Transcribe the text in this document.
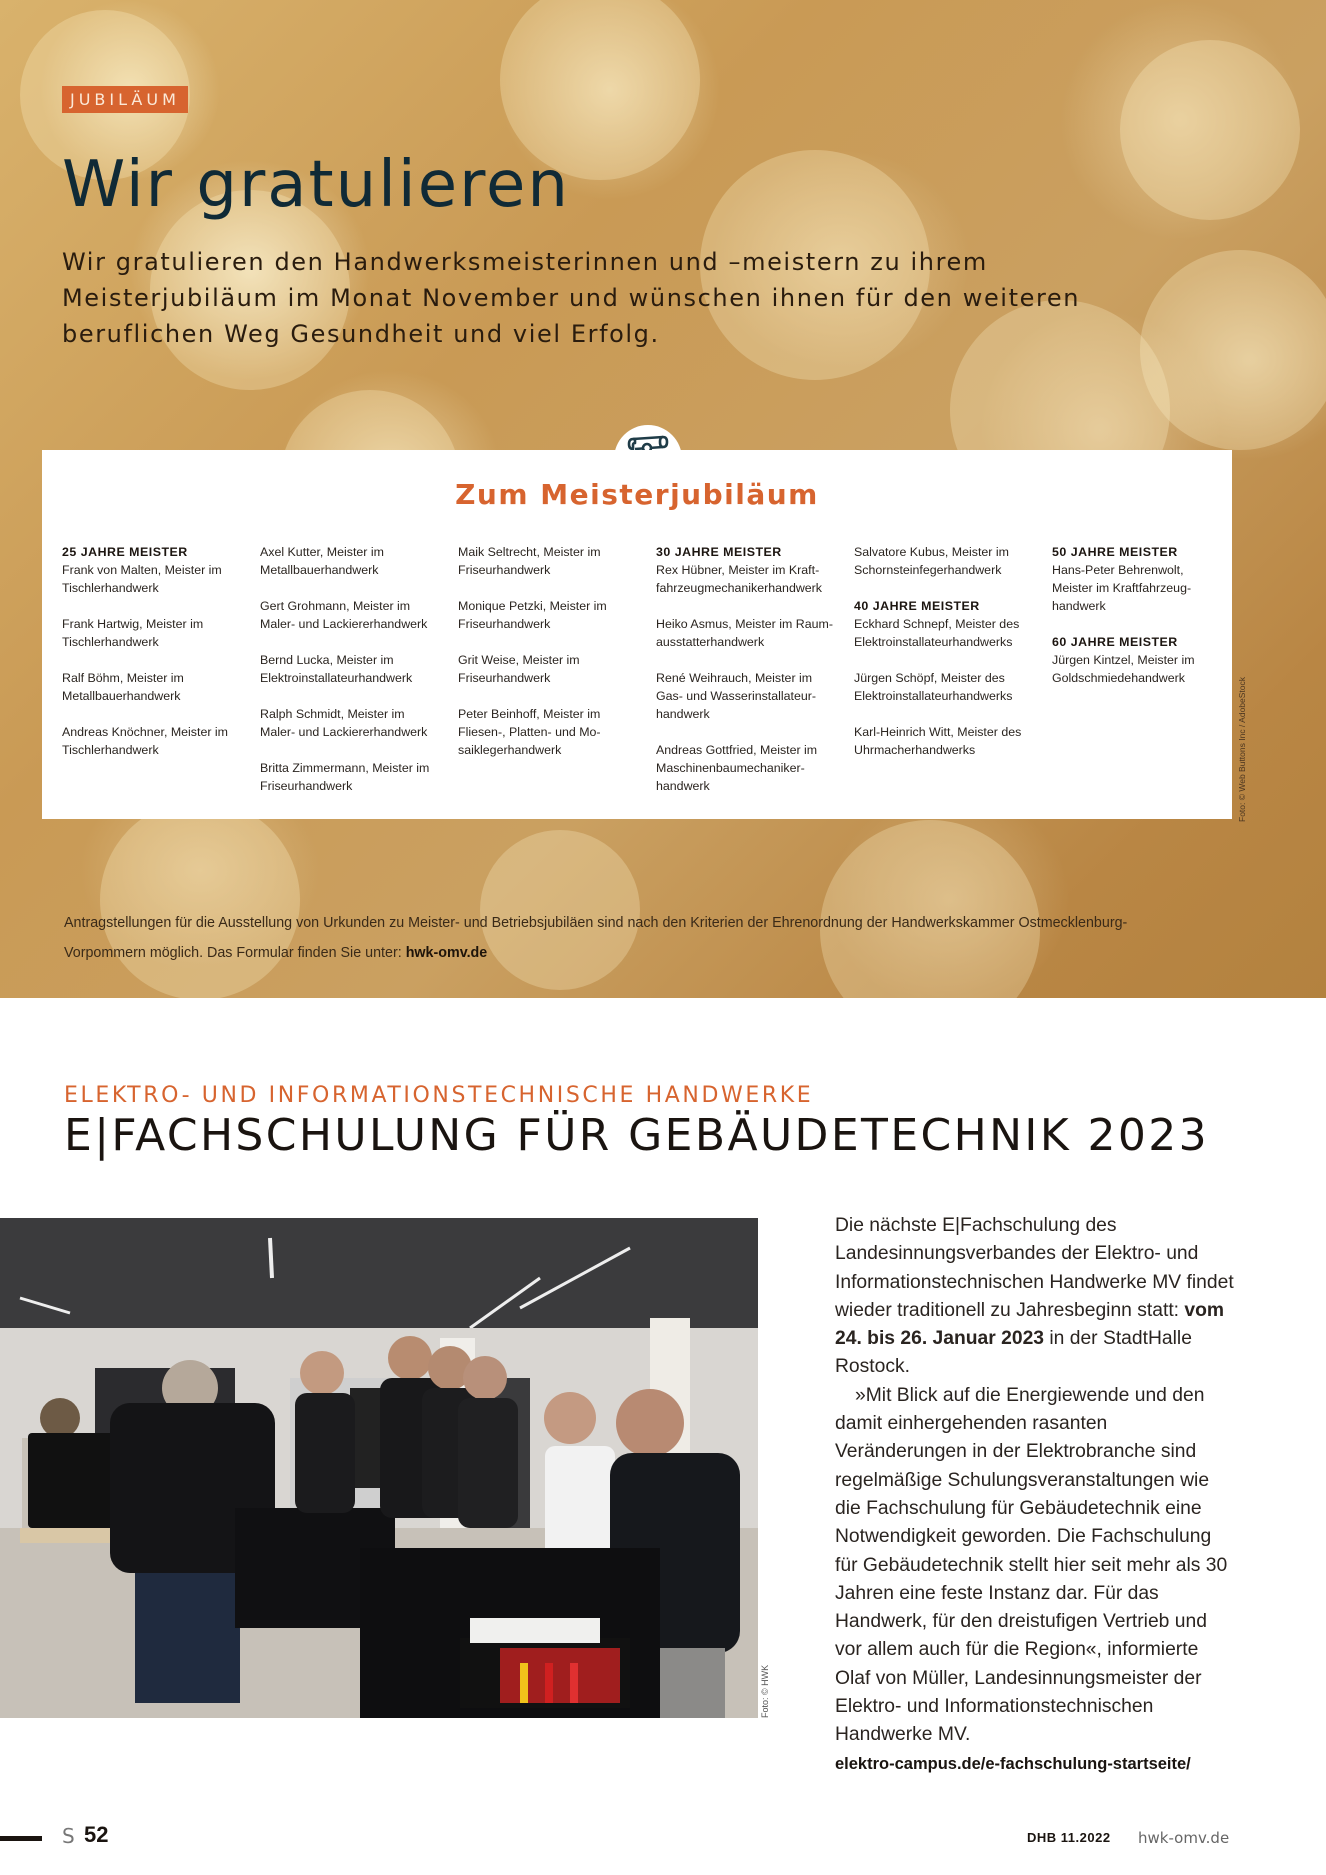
JUBILÄUM
Wir gratulieren

Wir gratulieren den Handwerksmeisterinnen und –meistern zu ihrem Meisterjubiläum im Monat November und wünschen ihnen für den weiteren beruflichen Weg Gesundheit und viel Erfolg.

Zum Meisterjubiläum
25 JAHRE MEISTER
Frank von Malten, Meister im
Tischlerhandwerk
Frank Hartwig, Meister im
Tischlerhandwerk
Ralf Böhm, Meister im
Metallbauerhandwerk
Andreas Knöchner, Meister im
Tischlerhandwerk
Axel Kutter, Meister im
Metallbauerhandwerk
Gert Grohmann, Meister im
Maler- und Lackiererhandwerk
Bernd Lucka, Meister im
Elektroinstallateurhandwerk
Ralph Schmidt, Meister im
Maler- und Lackiererhandwerk
Britta Zimmermann, Meister im
Friseurhandwerk
Maik Seltrecht, Meister im
Friseurhandwerk
Monique Petzki, Meister im
Friseurhandwerk
Grit Weise, Meister im
Friseurhandwerk
Peter Beinhoff, Meister im
Fliesen-, Platten- und Mo-
saiklegerhandwerk
30 JAHRE MEISTER
Rex Hübner, Meister im Kraft-
fahrzeugmechanikerhandwerk
Heiko Asmus, Meister im Raum-
ausstatterhandwerk
René Weihrauch, Meister im
Gas- und Wasserinstallateur-
handwerk
Andreas Gottfried, Meister im
Maschinenbaumechaniker-
handwerk
Salvatore Kubus, Meister im
Schornsteinfegerhandwerk
40 JAHRE MEISTER
Eckhard Schnepf, Meister des
Elektroinstallateurhandwerks
Jürgen Schöpf, Meister des
Elektroinstallateurhandwerks
Karl-Heinrich Witt, Meister des
Uhrmacherhandwerks
50 JAHRE MEISTER
Hans-Peter Behrenwolt,
Meister im Kraftfahrzeug-
handwerk
60 JAHRE MEISTER
Jürgen Kintzel, Meister im
Goldschmiedehandwerk	Foto: © Web Buttons Inc / AdobeStock

Antragstellungen für die Ausstellung von Urkunden zu Meister- und Betriebsjubiläen sind nach den Kriterien der Ehrenordnung der Handwerkskammer Ostmecklenburg-Vorpommern möglich. Das Formular finden Sie unter: hwk-omv.de

ELEKTRO- UND INFORMATIONSTECHNISCHE HANDWERKE
E|FACHSCHULUNG FÜR GEBÄUDETECHNIK 2023
Foto: © HWK

Die nächste E|Fachschulung des Landesinnungsverbandes der Elektro- und Informationstechnischen Handwerke MV findet wieder traditionell zu Jahresbeginn statt: vom 24. bis 26. Januar 2023 in der StadtHalle Rostock.

»Mit Blick auf die Energiewende und den damit einhergehenden rasanten Veränderungen in der Elektrobranche sind regelmäßige Schulungsveranstaltungen wie die Fachschulung für Gebäudetechnik eine Notwendigkeit geworden. Die Fachschulung für Gebäudetechnik stellt hier seit mehr als 30 Jahren eine feste Instanz dar. Für das Handwerk, für den dreistufigen Vertrieb und vor allem auch für die Region«, informierte Olaf von Müller, Landesinnungsmeister der Elektro- und Informationstechnischen Handwerke MV.

elektro-campus.de/e-fachschulung-startseite/
S 52	DHB 11.2022 hwk-omv.de
